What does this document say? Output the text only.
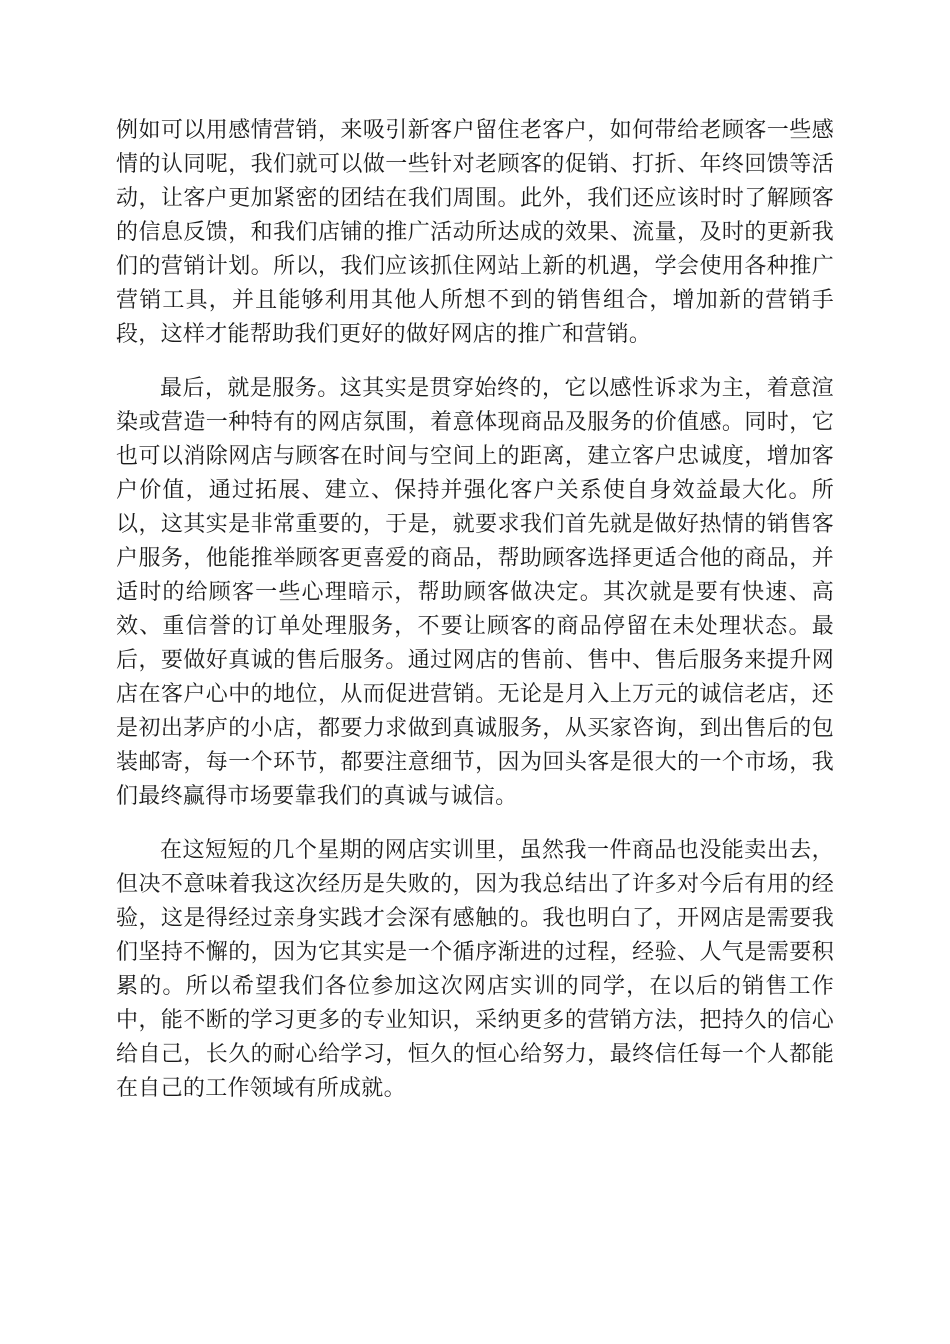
例如可以用感情营销，来吸引新客户留住老客户，如何带给老顾客一些感情的认同呢，我们就可以做一些针对老顾客的促销、打折、年终回馈等活动，让客户更加紧密的团结在我们周围。此外，我们还应该时时了解顾客的信息反馈，和我们店铺的推广活动所达成的效果、流量，及时的更新我们的营销计划。所以，我们应该抓住网站上新的机遇，学会使用各种推广营销工具，并且能够利用其他人所想不到的销售组合，增加新的营销手段，这样才能帮助我们更好的做好网店的推广和营销。

最后，就是服务。这其实是贯穿始终的，它以感性诉求为主，着意渲染或营造一种特有的网店氛围，着意体现商品及服务的价值感。同时，它也可以消除网店与顾客在时间与空间上的距离，建立客户忠诚度，增加客户价值，通过拓展、建立、保持并强化客户关系使自身效益最大化。所以，这其实是非常重要的，于是，就要求我们首先就是做好热情的销售客户服务，他能推举顾客更喜爱的商品，帮助顾客选择更适合他的商品，并适时的给顾客一些心理暗示，帮助顾客做决定。其次就是要有快速、高效、重信誉的订单处理服务，不要让顾客的商品停留在未处理状态。最后，要做好真诚的售后服务。通过网店的售前、售中、售后服务来提升网店在客户心中的地位，从而促进营销。无论是月入上万元的诚信老店，还是初出茅庐的小店，都要力求做到真诚服务，从买家咨询，到出售后的包装邮寄，每一个环节，都要注意细节，因为回头客是很大的一个市场，我们最终赢得市场要靠我们的真诚与诚信。

在这短短的几个星期的网店实训里，虽然我一件商品也没能卖出去，但决不意味着我这次经历是失败的，因为我总结出了许多对今后有用的经验，这是得经过亲身实践才会深有感触的。我也明白了，开网店是需要我们坚持不懈的，因为它其实是一个循序渐进的过程，经验、人气是需要积累的。所以希望我们各位参加这次网店实训的同学，在以后的销售工作中，能不断的学习更多的专业知识，采纳更多的营销方法，把持久的信心给自己，长久的耐心给学习，恒久的恒心给努力，最终信任每一个人都能在自己的工作领域有所成就。
